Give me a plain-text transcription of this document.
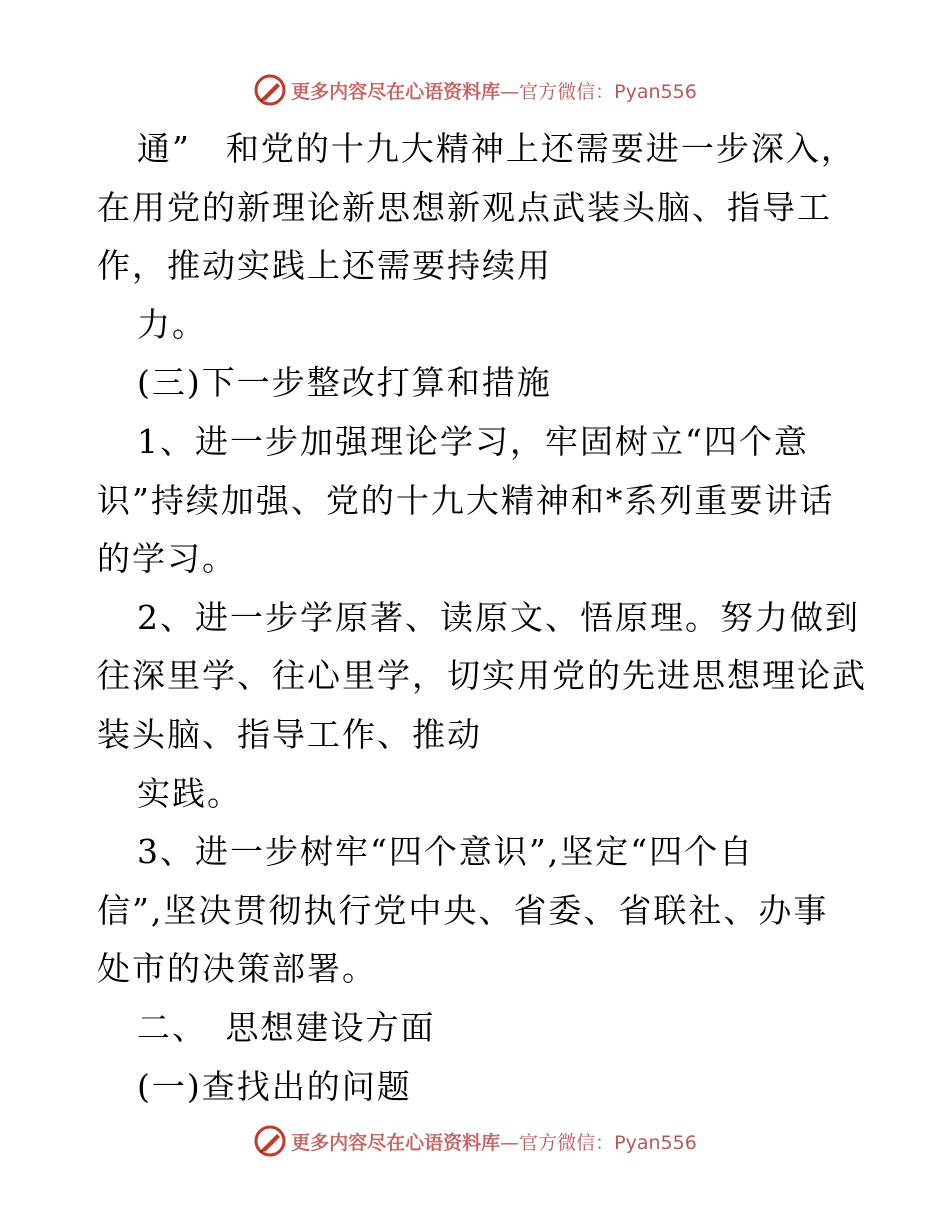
更多内容尽在心语资料库—官方微信：Pyan556
通”　和党的十九大精神上还需要进一步深入，
在用党的新理论新思想新观点武装头脑、指导工
作，推动实践上还需要持续用
力。
(三)下一步整改打算和措施
1、进一步加强理论学习，牢固树立“四个意
识”持续加强、党的十九大精神和*系列重要讲话
的学习。
2、进一步学原著、读原文、悟原理。努力做到
往深里学、往心里学，切实用党的先进思想理论武
装头脑、指导工作、推动
实践。
3、进一步树牢“四个意识”,坚定“四个自
信”,坚决贯彻执行党中央、省委、省联社、办事
处市的决策部署。
二、　思想建设方面
(一)查找出的问题
更多内容尽在心语资料库—官方微信：Pyan556
